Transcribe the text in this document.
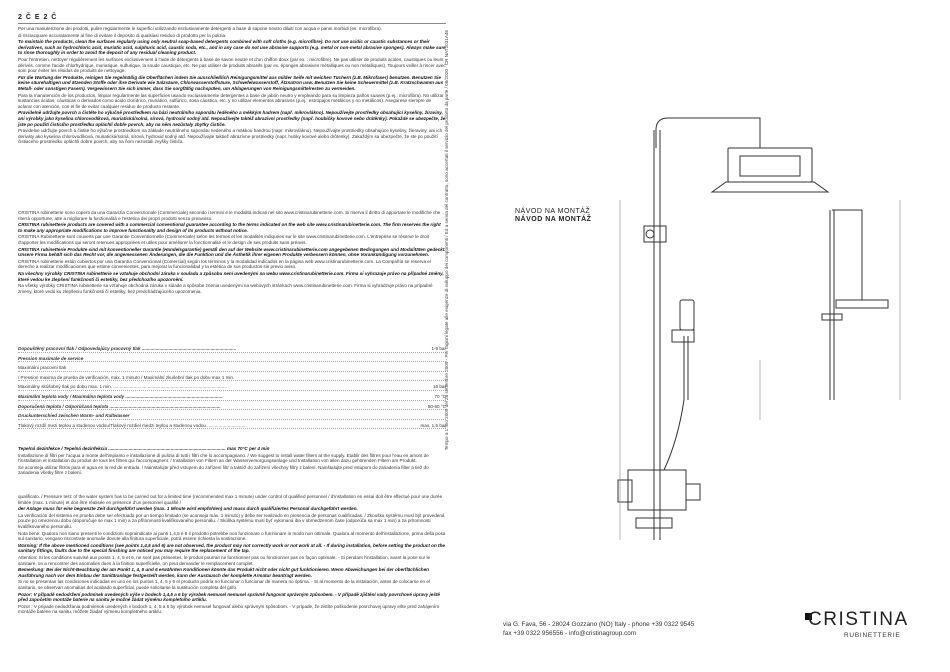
2 Č E 2 Č
Per una manutenzione dei prodotti, pulire regolarmente le superfici utilizzando esclusivamente detergenti a base di sapone neutro diluiti con acqua e panni morbidi (es. microfibra).
di risciacquare accuratamente al fine di evitare il deposito di qualsiasi residuo di prodotto per la pulizia.
To maintain the products, clean the surfaces regularly using only neutral soap-based detergents combined with soft cloths (e.g. microfibre). Do not use acidic or caustic substances or their derivatives, such as hydrochloric acid, muriatic acid, sulphuric acid, caustic soda, etc., and in any case do not use abrasive supports (e.g. metal or non-metal abrasive sponges). Always make sure to rinse thoroughly in order to avoid the deposit of any residual cleaning product.
Pour l'entretien, nettoyer régulièrement les surfaces exclusivement à l'aide de détergents à base de savon neutre et d'un chiffon doux (par ex. : microfibre). Ne pas utiliser de produits acides, caustiques ou leurs dérivés, comme l'acide chlorhydrique, muriatique, sulfurique, la soude caustique, etc. Ne pas utiliser de produits abrasifs (par ex. éponges abrasives métalliques ou non métalliques). Toujours veiller à rincer avec soin pour éviter les résidus de produits de nettoyage.
Für die Wartung der Produkte, reinigen Sie regelmäßig die Oberflächen indem Sie ausschließlich Reinigungsmittel aus milder Seife mit weichen Tüchern (z.B. Mikrofaser) benutzen. Benutzen Sie keine säurehaltigen und ätzenden Stoffe oder ihre Derivate wie Salzsäure, Chlorwasserstoffsäure, Schwefelwasserstoff, Ätznatron usw. Benutzen Sie keine Scheuermittel (z.B. Kratzschwamm aus Metall- oder sonstigen Fasern). Vergewissern Sie sich immer, dass Sie sorgfältig nachspülen, um Ablagerungen von Reinigungsmittelresten zu vermeiden.
Para la manutención de los productos, limpiar regularmente las superficies usando exclusivamente detergentes a base de jabón neutro y empleando para su limpieza paños suaves (p.ej.: microfibra). No utilizar sustancias ácidas, cáusticas o derivados como ácido clorídrico, muriático, sulfúrico, sosa cáustica, etc. y no utilizar elementos abrasivos (p.ej.: estropajos metálicos y no metálicos). Asegúrese siempre de aclarar con atención, con el fin de evitar cualquier residuo de producto restante.
Pravidelně udržujte povrch a čistěte ho výlučně prostředkem na bázi neutrálního saponátu ředěného a měkkým hadrem (např. mikrovlákno). Nepoužívejte prostředky obsahující kyseliny, žíraviny, ani výrobky jako kyselina chlorovodíková, muriatická/solná, sírová, hydroxid sodný atd. Nepoužívejte taktéž abrazivní prostředky (např. houbičky kovové nebo drátěnky). Pokaždé se ubezpečte, že jste po použití čisticího prostředku opláchli dobře povrch, aby na něm nezůstaly zbytky čističe.
Pravidelne udržujte povrch a čistite ho výlučne prostriedkom na základe neutrálneho saponátu riedeného a mäkkou handrou (napr. mikrovlákno). Nepoužívajte prostriedky obsahujúce kyseliny, žieraviny, ani ich deriváty ako kyselina chlorovodíková, muriatická/solná, sírová, hydroxid sodný atď. Nepoužívajte taktiež abrazívne prostriedky (napr. hubky kovové alebo drôtenky). Zakaždým sa ubezpečte, že ste po použití čistiaceho prostriedku opláchli dobre povrch, aby na ňom nezostali zvyšky čističa.
CRISTINA rubinetterie sono coperti da una Garanzia Convenzionale (Commerciale) secondo i termini e le modalità indicati nel sito www.cristinarubinetterie.com. Si riserva il diritto di apportare le modifiche che riterrà opportune, atte a migliorare la funzionalità e l'estetica dei propri prodotti senza preavviso.
CRISTINA rubinetterie products are covered with a commercial conventional guarantee according to the terms indicated on the web site www.cristinarubinetterie.com. The firm reserves the right to make any appropriate modifications to improve functionality and design of its products without notice.
CRISTINA Rubinetterie sont couverts par une Garantie Conventionnelle (Commerciale) selon les termes et les modalités indiquées sur le site www.cristinarubinetterie.com. L'entreprise se réserve le droit d'apporter les modifications qui seront retenues appropriées et utiles pour améliorer la fonctionnalité et le design de ses produits sans préavis.
CRISTINA rubinetterie Produkte sind mit konventioneller Garantie (Handelsgarantie) gemäß den auf der Website www.cristinarubinetterie.com angegebenen Bedingungen und Modalitäten gedeckt. Unsere Firma behält sich das Recht vor, die angemessenen Änderungen, die die Funktion und die Ästhetik ihrer eigenen Produkte verbessern können, ohne Vorankündigung vorzunehmen.
CRISTINA rubinetterie están cubiertos por una Garantía Convencional (Comercial) según los términos y la modalidad indicados en la página web www.cristinarubinetterie.com. La Compañía se reserva el derecho a realizar modificaciones que estime convenientes, para mejorar la funcionalidad y la estética de sus productos sin previo aviso.
Na všechny výrobky CRISTINA rubinetterie se vztahuje obchodní záruka v souladu a způsobu není uvedenými na webu www.cristinarubinetterie.com. Firma si vyhrazuje právo na případné změny, které vedou ke zlepšení funkčnosti či estetiky, bez předchozího upozornění.
Na všetky výrobky CRISTINA rubinetterie sa vzťahuje obchodná záruka v súlade a spôsobe znenia uvedenými na webových stránkach www.cristinarubinetterie.com. Firma si vyhradzuje právo na prípadné zmeny, ktoré vedú ku zlepšeniu funkčnosti či estetiky, bez predchádzajúceho upozornenia.
Dopouštěný pracovní tlak / Odpovedajúcy pracovný tlak ..........................................................................	1-5 bar
Pression maximale de service
Maximální pracovní tlak
/ Pression maxima de prueba de verificación, máx. 1 minuto / Maximální zkušební tlak po dobu max 1 min.
Maximálny skúšobný tlak po dobu max. 1 min. .........................................................................................	16 bar
Maximální teplota vody / Maximálna teplota vody ............................................................................	70 °C
Doporučená teplota / Odporúčaná teplota .......................................................................................	50-60 °C
Druckunterschied zwischen Warm- und Kaltwasser
Tlakový rozdíl mezi teplou a studenou vodou/Tlakový rozdiel medzi teplou a studenou vodou ...............................	max. 1,5 bar
Tepelná dezinfekce / Tepelná dezinfekcia ............................................................................................ max 70°C per 4 min
Installazione di filtri per l'acqua a monte dell'impianto e installazione di pulizia di tutti i filtri che lo accompagnano. / We suggest to install water filters at the supply. Etablir des filtres pour l'eau en amont de l'installation et installation du produit de tous les filtres qui l'accompagnent. / Installation von Filtern an der Wasserversorgungsanlage und Installation von allen dazu gehörenden Filtern am Produkt.
Se aconseja utilizar filtros para el agua en la red de entrada. / Nainstalujte před vstupem do zařízení filtr a taktéž do zařízení všechny filtry z balení. Nainštalujte pred vstupom do zariadenia filter a tiež do zariadenia všetky filtre z balení.
qualificato. / Pressure test: of the water system has to be carried out for a limited time (recommended max 1 minute) under control of qualified personnel / d'installation en essai doit être effectué pour une durée limitée (max. 1 minute) et doit être réalisée en présence d'un personnel qualifié /
der Anlage muss für eine begrenzte Zeit durchgeführt werden (max. 1 Minute wird empfohlen) und muss durch qualifiziertes Personal durchgeführt werden.
La verificación del sistema en prueba debe ser efectuada por un tiempo limitado (se aconseja máx. 1 minuto) y debe ser realizado en presencia de personas cualificadas. / Zkouška systému musí být provedená pouze po omezenou dobu (doporučuje se max 1 min) a za přítomnosti kvalifikovaného personálu. / Skúška systému musí byť vykonaná iba v obmedzenom čase (odporúča sa max 1 min) a za prítomnosti kvalifikovaného personálu.
Nota bene: Qualora non siano presenti le condizioni sopraindicate ai punti 1,4,5 e 6 il prodotto potrebbe non funzionare o funzionare in modo non ottimale. Qualora al momento dell'installazione, prima della posa sul sanitario, vengano riscontrate anomalie dovute alla finitura superficiale, potrà essere richiesta la sostituzione.
Warning: If the above mentioned conditions (see points 1,4,5 and 6) are not observed, the product may not correctly work or not work at all. - If during installation, before setting the product on the sanitary fittings, faults due to the special finishing are noticed you may require the replacement of the tap.
Attention: Si les conditions susvisé aux points 1, 4, 5 et 6, ne sont pas présentes, le produit pourrait ne fonctionner pas ou fonctionner pas en façon optimale. - Si pendant l'installation, avant la pose sur le sanitaire, on a rencontrer des anomalies dues à la finition superficielle, on peut demander le remplacement complet.
Bemerkung: Bei der Nicht-Beachtung der am Punkt 1, 4, 5 und 6 erwähnten Konditionen könnte das Produkt nicht oder nicht gut funktionieren. Wenn Abweichungen bei der oberflächlichen Ausführung nach vor dem Einbau der Sanitäranlage festgestellt werden, kann der Austausch der komplette Armatur beantragt werden.
Si no se presentan las condiciones indicadas en uno en los puntos 1, 4, 5 y 6 el producto podría no funcionar o funcionar de manera no óptima. - Si al momento de la instalación, antes de colocarse en el sanitario, se observan anomalías del acabado superficial, puede solicitarse la sustitución completa del grifo.
Pozor: V případě nedodržení podmínek uvedených výše v bodech 1,4,5 a 6 by výrobek nemusel nemusel správně fungovat správným způsobem. - V případě zjištění vady povrchové úpravy ještě před započetím montáže baterie na sanitu je možné žádat výměnu kompletního artiklu.
Pozor : V prípade nedodržania podmienok uvedených v bodoch 1, 4, 5 a 6 by výrobok nemusel fungovať alebo správnym spôsobom. - V prípade, že zistíte poškodenie povrchovej úpravy ešte pred zahájením montáže batérie na sanitu, môžete žiadať výmenu kompletného artiklu.
Tempo a 1 fino 2009 del 26 settembre 2009 - Per ragioni legate alle esigenze di sviluppo dei componenti / Ed a sensa del contratto, sono accertati il servizio del prodotto da parte / 06/2020 · CR NAT2031A46	NÁVOD NA MONTÁŽ
NÁVOD NA MONTÁŽ
CRISTINA
RUBINETTERIE
via G. Fava, 56 - 28024 Gozzano (NO) Italy - phone +39 0322 9545
fax +39 0322 956556 - info@cristinagroup.com
